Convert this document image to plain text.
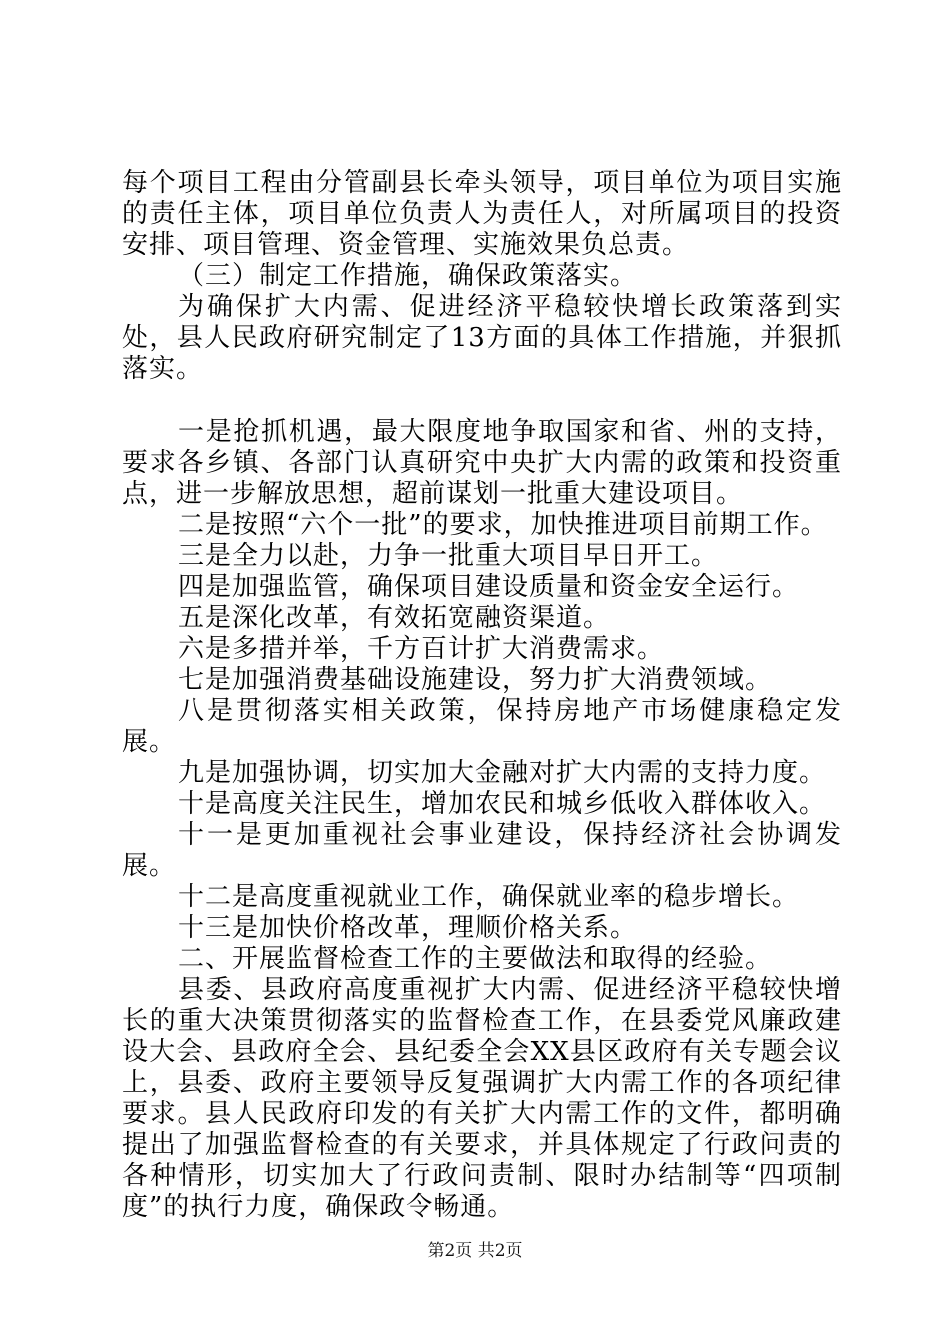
每个项目工程由分管副县长牵头领导，项目单位为项目实施的责任主体，项目单位负责人为责任人，对所属项目的投资安排、项目管理、资金管理、实施效果负总责。

（三）制定工作措施，确保政策落实。

为确保扩大内需、促进经济平稳较快增长政策落到实处，县人民政府研究制定了13方面的具体工作措施，并狠抓落实。

一是抢抓机遇，最大限度地争取国家和省、州的支持，要求各乡镇、各部门认真研究中央扩大内需的政策和投资重点，进一步解放思想，超前谋划一批重大建设项目。

二是按照“六个一批”的要求，加快推进项目前期工作。

三是全力以赴，力争一批重大项目早日开工。

四是加强监管，确保项目建设质量和资金安全运行。

五是深化改革，有效拓宽融资渠道。

六是多措并举，千方百计扩大消费需求。

七是加强消费基础设施建设，努力扩大消费领域。

八是贯彻落实相关政策，保持房地产市场健康稳定发展。

九是加强协调，切实加大金融对扩大内需的支持力度。

十是高度关注民生，增加农民和城乡低收入群体收入。

十一是更加重视社会事业建设，保持经济社会协调发展。

十二是高度重视就业工作，确保就业率的稳步增长。

十三是加快价格改革，理顺价格关系。

二、开展监督检查工作的主要做法和取得的经验。

县委、县政府高度重视扩大内需、促进经济平稳较快增长的重大决策贯彻落实的监督检查工作，在县委党风廉政建设大会、县政府全会、县纪委全会XX县区政府有关专题会议上，县委、政府主要领导反复强调扩大内需工作的各项纪律要求。县人民政府印发的有关扩大内需工作的文件，都明确提出了加强监督检查的有关要求，并具体规定了行政问责的各种情形，切实加大了行政问责制、限时办结制等“四项制度”的执行力度，确保政令畅通。

第2页 共2页
